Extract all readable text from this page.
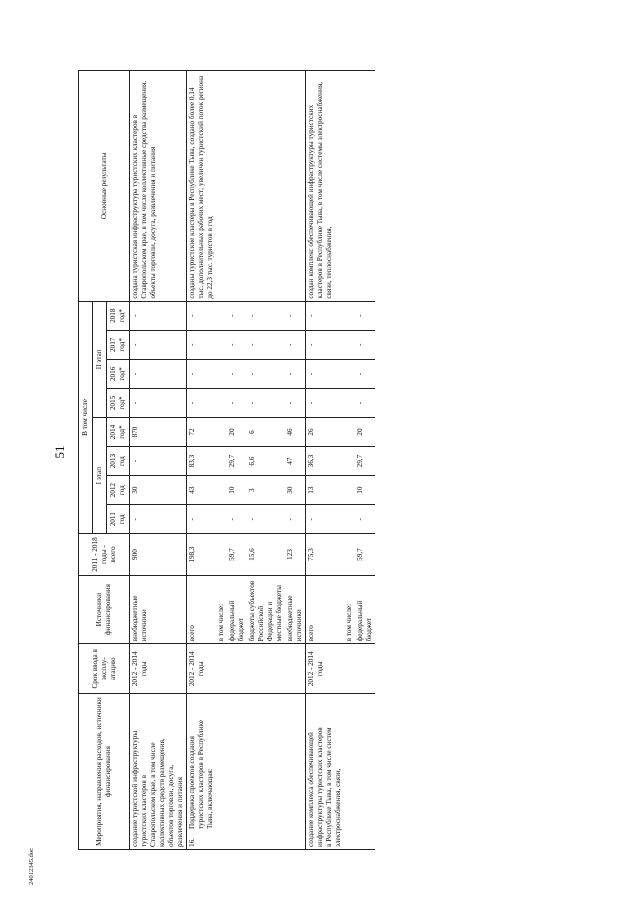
51
24012345.doc
Мероприятия, направления расходов, источники финансирования	Срок ввода в эксплу-атацию	Источники финансирования	2011 - 2018 годы - всего	В том числе								Основные результаты
				I этап				II этап				
				2011 год	2012 год	2013 год	2014 год*	2015 год*	2016 год*	2017 год*	2018 год*	
создание туристской инфраструктуры туристских кластеров в Ставропольском крае, в том числе коллективных средств размещения, объектов торговли, досуга, развлечения и питания	2012 - 2014 годы	внебюджетные источники	900	-	30	-	870	-	-	-	-	создана туристская инфраструктура туристских кластеров в Ставропольском крае, в том числе коллективные средства размещения, объекты торговли, досуга, развлечения и питания
16.Поддержка проектов создания туристских кластеров в Республике Тыва, включающая:	2012 - 2014 годы	всего	198,3	-	43	83,3	72	-	-	-	-	созданы туристские кластеры в Республике Тыва, создано более 0,14 тыс. дополнительных рабочих мест; увеличен туристский поток региона до 22,3 тыс. туристов в год
		в том числе:										
		федеральный бюджет	59,7	-	10	29,7	20	-	-	-	-	
		бюджеты субъектов Российской Федерации и местные бюджеты	15,6	-	3	6,6	6	-	-	-	-	
		внебюджетные источники	123	-	30	47	46	-	-	-	-	
создание комплекса обеспечивающей инфраструктуры туристских кластеров в Республике Тыва, в том числе систем электроснабжения, связи,	2012 - 2014 годы	всего	75,3	-	13	36,3	26	-	-	-	-	создан комплекс обеспечивающей инфраструктуры туристских кластеров в Республике Тыва, в том числе системы электроснабжения, связи, теплоснабжения,
		в том числе:										
		федеральный бюджет	59,7	-	10	29,7	20	-	-	-	-	
